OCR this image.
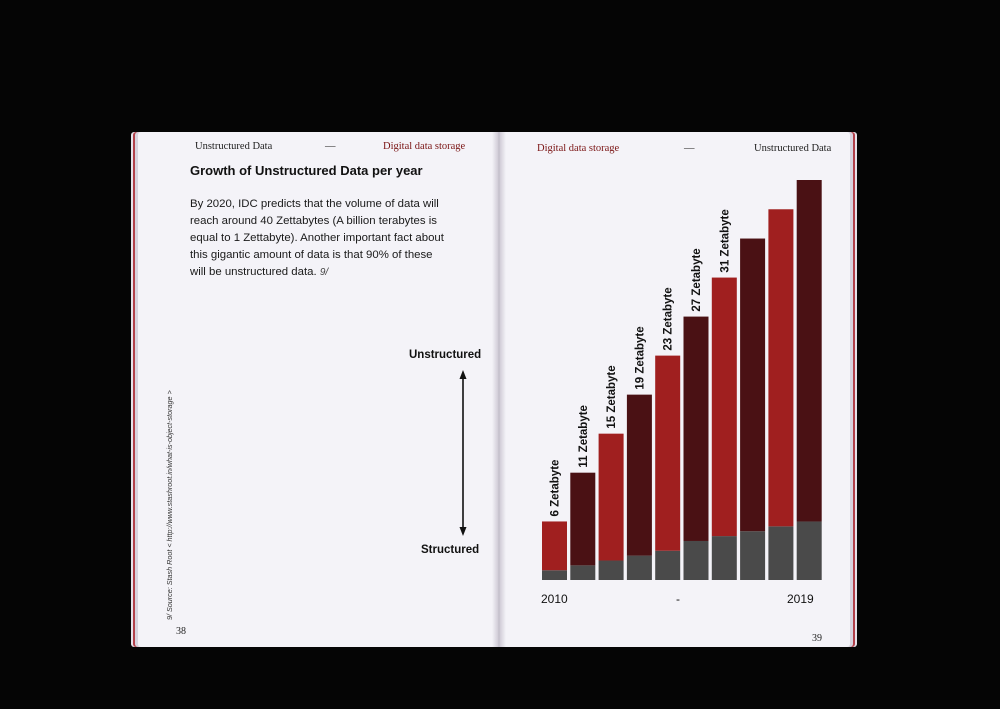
Unstructured Data	—	Digital data storage
Growth of Unstructured Data per year
By 2020, IDC predicts that the volume of data will reach around 40 Zettabytes (A billion terabytes is equal to 1 Zettabyte). Another important fact about this gigantic amount of data is that 90% of these will be unstructured data. 9/
Unstructured
Structured
9/ Source: Stash Root < http://www.stashroot.in/what-is-object-storage >
38
Digital data storage	—	Unstructured Data
39
2010	-	2019
6 Zetabyte
11 Zetabyte
15 Zetabyte
19 Zetabyte
23 Zetabyte
27 Zetabyte
31 Zetabyte
